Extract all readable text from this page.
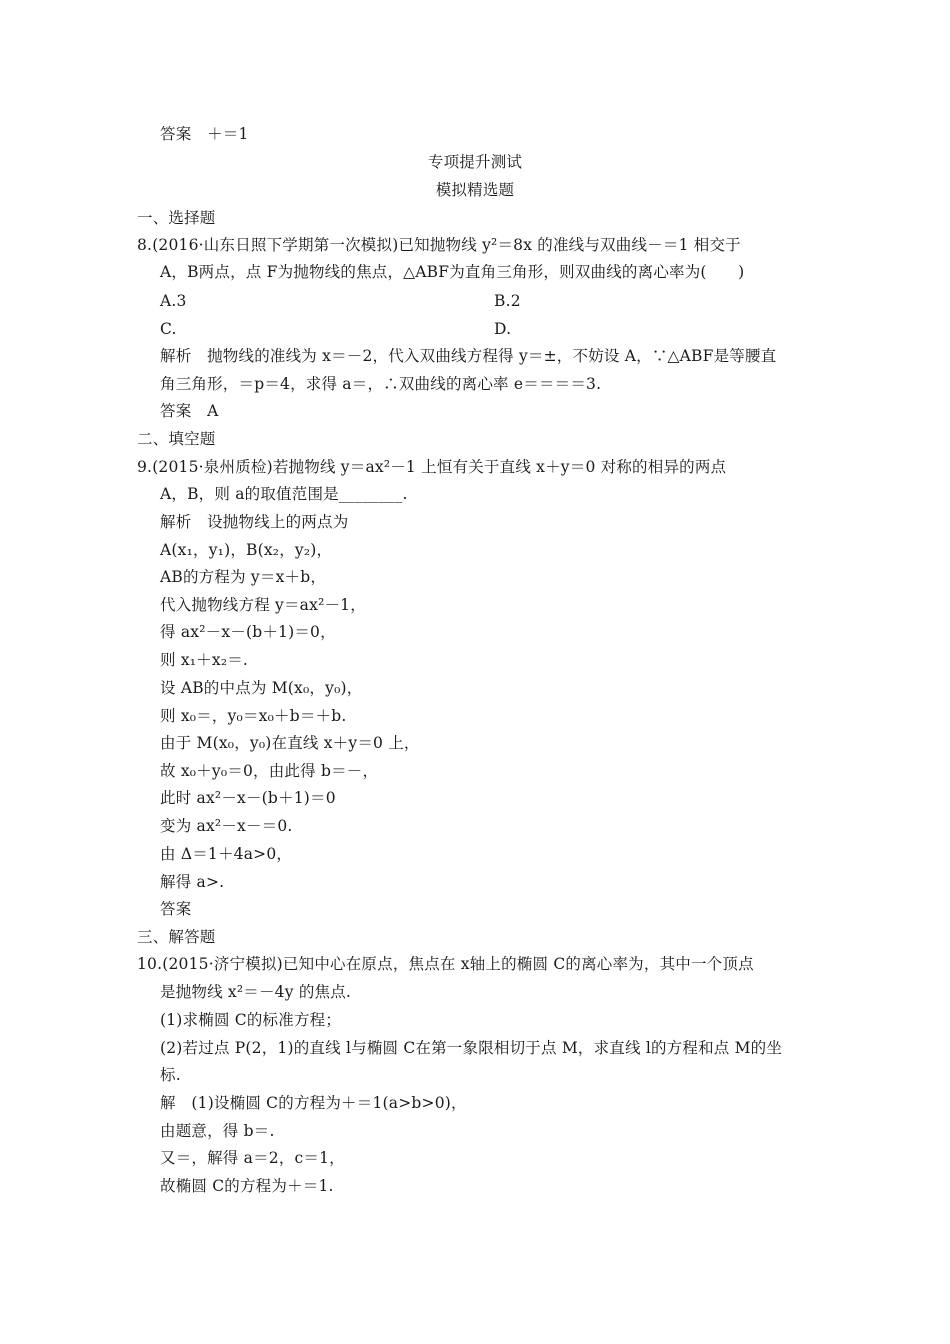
答案　＋＝1
专项提升测试
模拟精选题
一、选择题
8.(2016·山东日照下学期第一次模拟)已知抛物线 y²＝8x 的准线与双曲线－＝1 相交于
A，B两点，点 F为抛物线的焦点，△ABF为直角三角形，则双曲线的离心率为(　　)
A.3	B.2
C.	D.
解析　抛物线的准线为 x＝－2，代入双曲线方程得 y＝±，不妨设 A，∵△ABF是等腰直
角三角形，＝p＝4，求得 a＝，∴双曲线的离心率 e＝＝＝＝3.
答案　A
二、填空题
9.(2015·泉州质检)若抛物线 y＝ax²－1 上恒有关于直线 x＋y＝0 对称的相异的两点
A，B，则 a的取值范围是________.
解析　设抛物线上的两点为
A(x₁，y₁)，B(x₂，y₂)，
AB的方程为 y＝x＋b，
代入抛物线方程 y＝ax²－1，
得 ax²－x－(b＋1)＝0，
则 x₁＋x₂＝.
设 AB的中点为 M(x₀，y₀)，
则 x₀＝，y₀＝x₀＋b＝＋b.
由于 M(x₀，y₀)在直线 x＋y＝0 上，
故 x₀＋y₀＝0，由此得 b＝－，
此时 ax²－x－(b＋1)＝0
变为 ax²－x－＝0.
由 Δ＝1＋4a>0，
解得 a>.
答案
三、解答题
10.(2015·济宁模拟)已知中心在原点，焦点在 x轴上的椭圆 C的离心率为，其中一个顶点
是抛物线 x²＝－4y 的焦点.
(1)求椭圆 C的标准方程；
(2)若过点 P(2，1)的直线 l与椭圆 C在第一象限相切于点 M，求直线 l的方程和点 M的坐
标.
解　(1)设椭圆 C的方程为＋＝1(a>b>0)，
由题意，得 b＝.
又＝，解得 a＝2，c＝1，
故椭圆 C的方程为＋＝1.
